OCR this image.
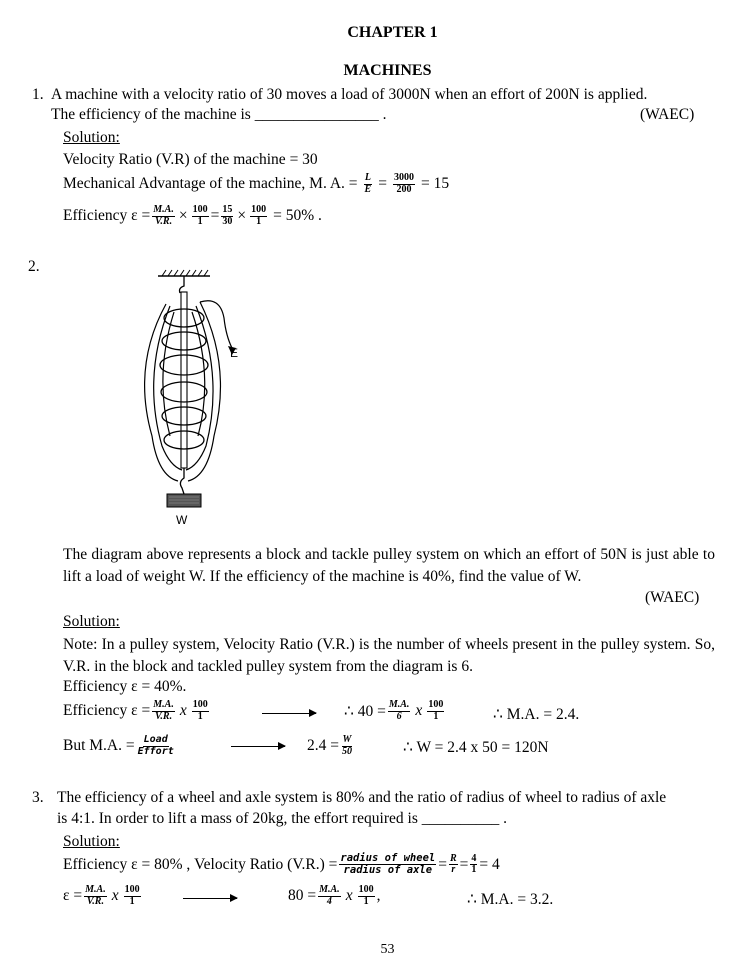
CHAPTER 1
MACHINES
1. A machine with a velocity ratio of 30 moves a load of 3000N when an effort of 200N is applied.
The efficiency of the machine is ________________ .	(WAEC)
Solution:
Velocity Ratio (V.R) of the machine = 30
Mechanical Advantage of the machine, M. A. = $\frac{L}{E} = \frac{3000}{200} = 15$
Efficiency $\varepsilon = \frac{M.A.}{V.R.} \times \frac{100}{1} = \frac{15}{30} \times \frac{100}{1} = 50\%$ .
2.
E
W
The diagram above represents a block and tackle pulley system on which an effort of 50N is just able to lift a load of weight W. If the efficiency of the machine is 40%, find the value of W.
(WAEC)
Solution:
Note: In a pulley system, Velocity Ratio (V.R.) is the number of wheels present in the pulley system. So, V.R. in the block and tackled pulley system from the diagram is 6.
Efficiency ε = 40%.
Efficiency $\varepsilon = \frac{M.A.}{V.R.}$ x $\frac{100}{1}$	∴ $40 = \frac{M.A.}{6}$ x $\frac{100}{1}$	∴ M.A. = 2.4.
But M.A. = $\frac{\text{Load}}{\text{Effort}}$	$2.4 = \frac{W}{50}$	∴ W = 2.4 x 50 = 120N
3. The efficiency of a wheel and axle system is 80% and the ratio of radius of wheel to radius of axle
is 4:1. In order to lift a mass of 20kg, the effort required is __________ .
Solution:
Efficiency ε = 80% , Velocity Ratio $(V.R.) = \frac{\text{radius of wheel}}{\text{radius of axle}} = \frac{R}{r} = \frac{4}{1} = 4$
$\varepsilon = \frac{M.A.}{V.R.}$ x $\frac{100}{1}$	$80 = \frac{M.A.}{4}$ x $\frac{100}{1}$ ,	∴ M.A. = 3.2.
53
